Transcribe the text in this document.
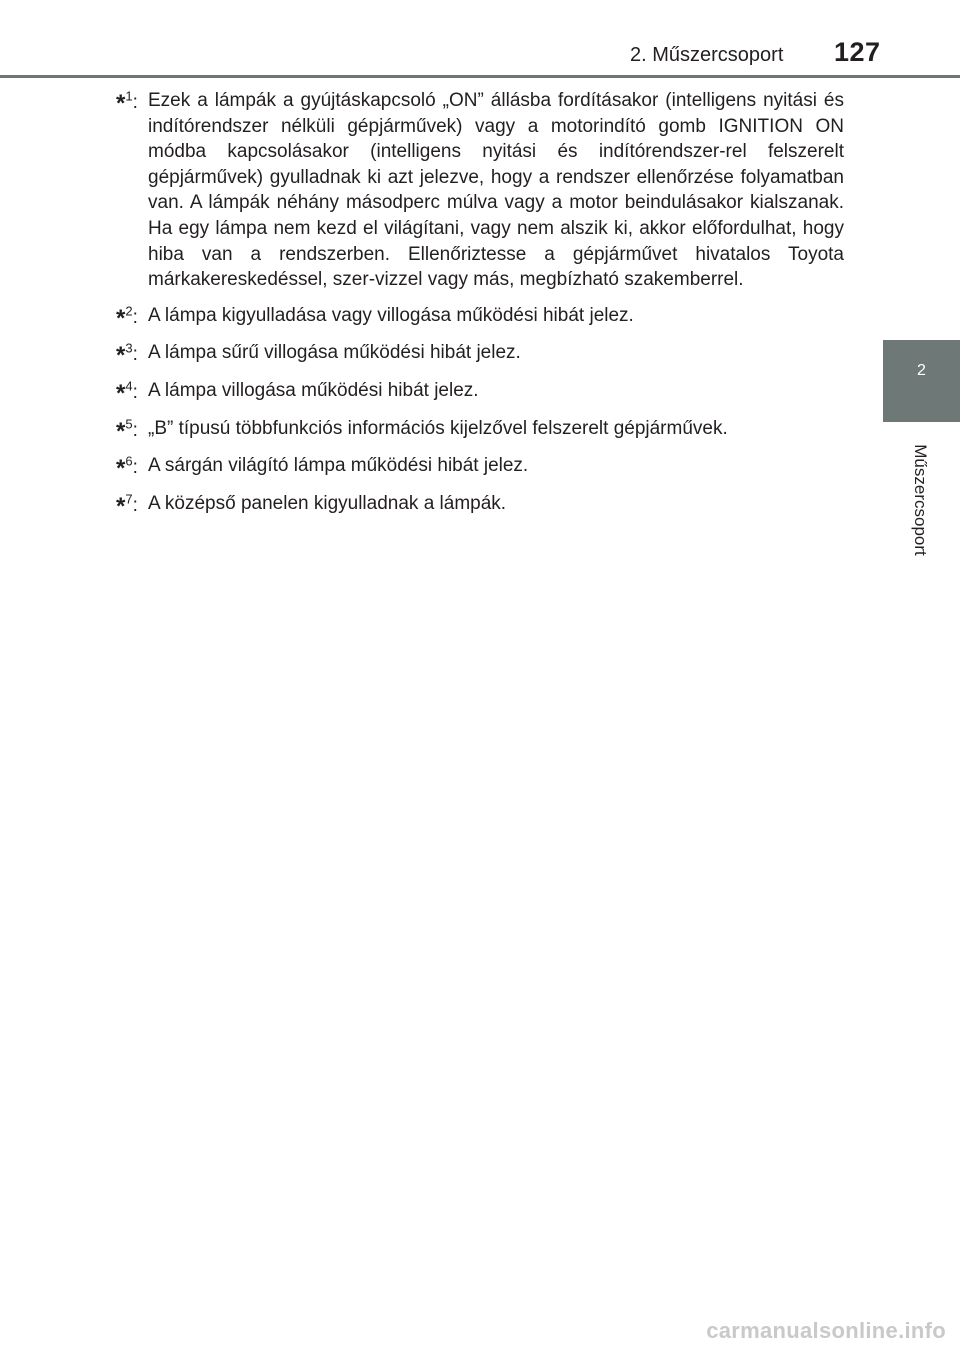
2. Műszercsoport 127
2
Műszercsoport
*$^1$: Ezek a lámpák a gyújtáskapcsoló „ON” állásba fordításakor (intelligens nyitási és indítórendszer nélküli gépjárművek) vagy a motorindító gomb IGNITION ON módba kapcsolásakor (intelligens nyitási és indítórendszer-rel felszerelt gépjárművek) gyulladnak ki azt jelezve, hogy a rendszer ellenőrzése folyamatban van. A lámpák néhány másodperc múlva vagy a motor beindulásakor kialszanak. Ha egy lámpa nem kezd el világítani, vagy nem alszik ki, akkor előfordulhat, hogy hiba van a rendszerben. Ellenőriztesse a gépjárművet hivatalos Toyota márkakereskedéssel, szer-vizzel vagy más, megbízható szakemberrel.
*$^2$: A lámpa kigyulladása vagy villogása működési hibát jelez.
*$^3$: A lámpa sűrű villogása működési hibát jelez.
*$^4$: A lámpa villogása működési hibát jelez.
*$^5$: „B” típusú többfunkciós információs kijelzővel felszerelt gépjárművek.
*$^6$: A sárgán világító lámpa működési hibát jelez.
*$^7$: A középső panelen kigyulladnak a lámpák.
carmanualsonline.info
